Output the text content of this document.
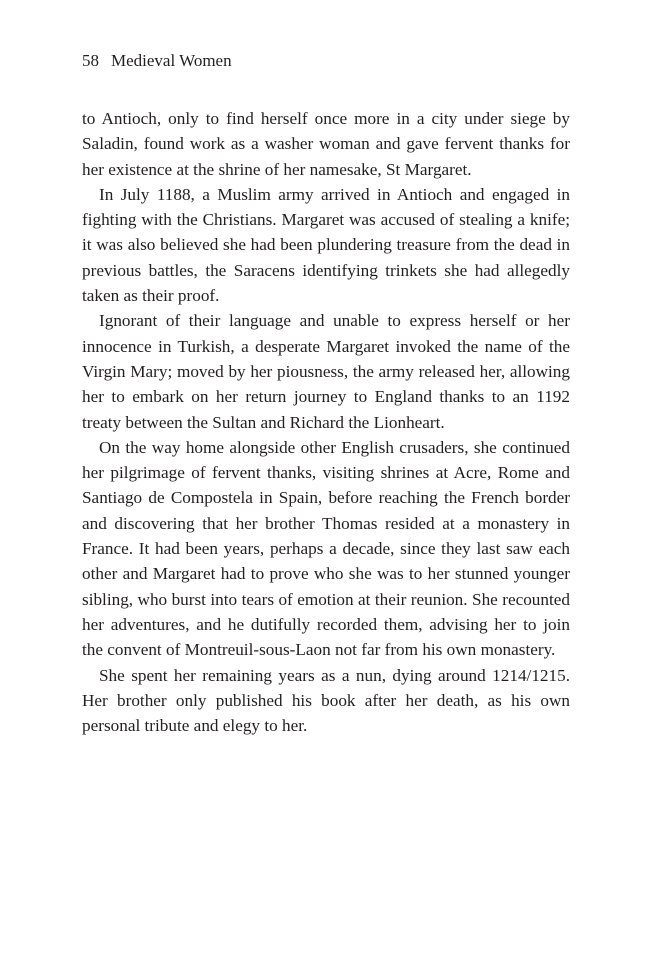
58 Medieval Women

to Antioch, only to find herself once more in a city under siege by Saladin, found work as a washer woman and gave fervent thanks for her existence at the shrine of her namesake, St Margaret.

In July 1188, a Muslim army arrived in Antioch and engaged in fighting with the Christians. Margaret was accused of stealing a knife; it was also believed she had been plundering treasure from the dead in previous battles, the Saracens identifying trinkets she had allegedly taken as their proof.

Ignorant of their language and unable to express herself or her innocence in Turkish, a desperate Margaret invoked the name of the Virgin Mary; moved by her piousness, the army released her, allowing her to embark on her return journey to England thanks to an 1192 treaty between the Sultan and Richard the Lionheart.

On the way home alongside other English crusaders, she continued her pilgrimage of fervent thanks, visiting shrines at Acre, Rome and Santiago de Compostela in Spain, before reaching the French border and discovering that her brother Thomas resided at a monastery in France. It had been years, perhaps a decade, since they last saw each other and Margaret had to prove who she was to her stunned younger sibling, who burst into tears of emotion at their reunion. She recounted her adventures, and he dutifully recorded them, advising her to join the convent of Montreuil-sous-Laon not far from his own monastery.

She spent her remaining years as a nun, dying around 1214/1215. Her brother only published his book after her death, as his own personal tribute and elegy to her.
